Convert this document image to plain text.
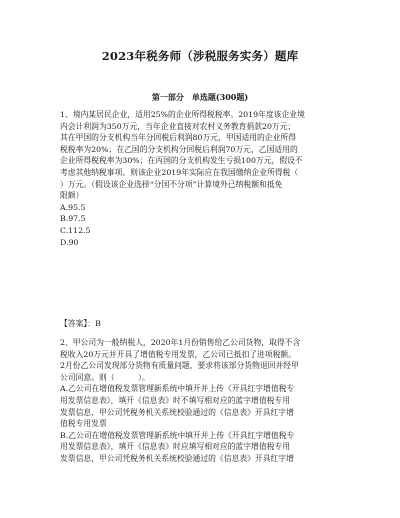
2023年税务师（涉税服务实务）题库
第一部分　单选题(300题)
1、境内某居民企业，适用25%的企业所得税税率。2019年度该企业境
内会计利润为350万元，当年企业直接对农村义务教育捐款20万元；
其在甲国的分支机构当年分回税后利润80万元，甲国适用的企业所得
税税率为20%；在乙国的分支机构分回税后利润70万元，乙国适用的
企业所得税税率为30%；在丙国的分支机构发生亏损100万元，假设不
考虑其他纳税事项。则该企业2019年实际应在我国缴纳企业所得税（
）万元。（假设该企业选择“分国不分项”计算境外已纳税额和抵免
限额）
A.95.5
B.97.5
C.112.5
D.90
【答案】：B
2、甲公司为一般纳税人，2020年1月份销售给乙公司货物，取得不含
税收入20万元并开具了增值税专用发票，乙公司已抵扣了进项税额。
2月份乙公司发现部分货物有质量问题，要求将该部分货物退回并经甲
公司同意。则（　　　）。
A.乙公司在增值税发票管理新系统中填开并上传《开具红字增值税专
用发票信息表》，填开《信息表》时不填写相对应的蓝字增值税专用
发票信息，甲公司凭税务机关系统校验通过的《信息表》开具红字增
值税专用发票
B.乙公司在增值税发票管理新系统中填开并上传《开具红字增值税专
用发票信息表》，填开《信息表》时应填写相对应的蓝字增值税专用
发票信息，甲公司凭税务机关系统校验通过的《信息表》开具红字增
